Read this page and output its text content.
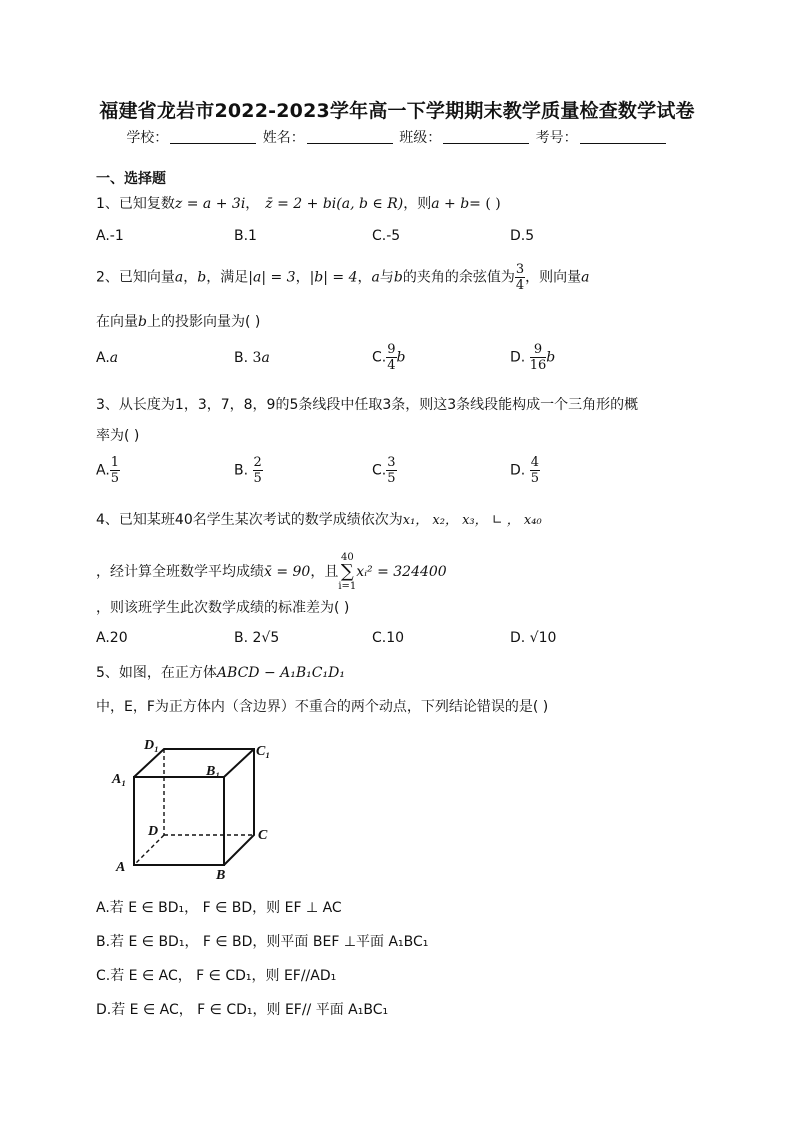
福建省龙岩市2022-2023学年高一下学期期末教学质量检查数学试卷
学校：	姓名：	班级：	考号：
一、选择题
1、已知复数z = a + 3i， z̄ = 2 + bi(a, b ∈ R)，则a + b= ( )
A.-1	B.1	C.-5	D.5
2、已知向量a，b，满足|a| = 3，|b| = 4，a与b的夹角的余弦值为 $\frac{3}{4}$ ，则向量a
在向量b上的投影向量为( )
A.a	B. 3a	C. $\frac{9}{4}$ b	D. $\frac{9}{16}$ b
3、从长度为1，3，7，8，9的5条线段中任取3条，则这3条线段能构成一个三角形的概
率为( )
A. $\frac{1}{5}$	B. $\frac{2}{5}$	C. $\frac{3}{5}$	D. $\frac{4}{5}$
4、已知某班40名学生某次考试的数学成绩依次为x₁， x₂， x₃， ∟ ， x₄₀
，经计算全班数学平均成绩x̄ = 90，且
40
∑
i=1
xᵢ² = 324400
，则该班学生此次数学成绩的标准差为( )
A.20	B. 2√5	C.10	D. √10
5、如图，在正方体ABCD − A₁B₁C₁D₁
中，E，F为正方体内（含边界）不重合的两个动点，下列结论错误的是( )
D₁	C₁
A₁
B₁
D	C
A
B
A.若 E ∈ BD₁， F ∈ BD，则 EF ⊥ AC
B.若 E ∈ BD₁， F ∈ BD，则平面 BEF ⊥平面 A₁BC₁
C.若 E ∈ AC， F ∈ CD₁，则 EF//AD₁
D.若 E ∈ AC， F ∈ CD₁，则 EF// 平面 A₁BC₁
